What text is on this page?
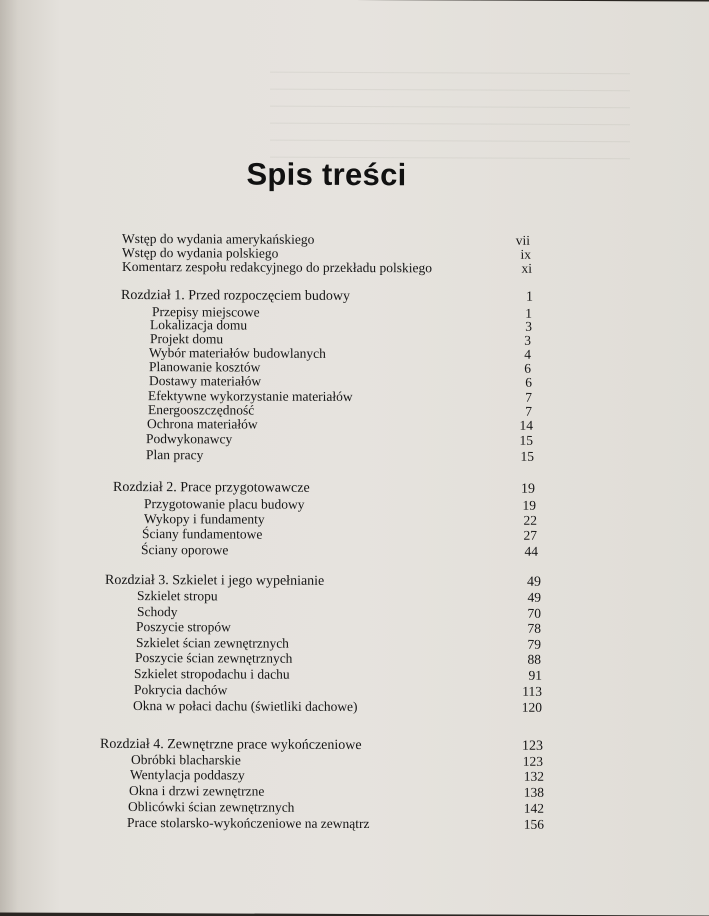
Spis treści
Wstęp do wydania amerykańskiego	vii
Wstęp do wydania polskiego	ix
Komentarz zespołu redakcyjnego do przekładu polskiego	xi
Rozdział 1. Przed rozpoczęciem budowy	1
Przepisy miejscowe	1
Lokalizacja domu	3
Projekt domu	3
Wybór materiałów budowlanych	4
Planowanie kosztów	6
Dostawy materiałów	6
Efektywne wykorzystanie materiałów	7
Energooszczędność	7
Ochrona materiałów	14
Podwykonawcy	15
Plan pracy	15
Rozdział 2. Prace przygotowawcze	19
Przygotowanie placu budowy	19
Wykopy i fundamenty	22
Ściany fundamentowe	27
Ściany oporowe	44
Rozdział 3. Szkielet i jego wypełnianie	49
Szkielet stropu	49
Schody	70
Poszycie stropów	78
Szkielet ścian zewnętrznych	79
Poszycie ścian zewnętrznych	88
Szkielet stropodachu i dachu	91
Pokrycia dachów	113
Okna w połaci dachu (świetliki dachowe)	120
Rozdział 4. Zewnętrzne prace wykończeniowe	123
Obróbki blacharskie	123
Wentylacja poddaszy	132
Okna i drzwi zewnętrzne	138
Oblicówki ścian zewnętrznych	142
Prace stolarsko-wykończeniowe na zewnątrz	156
